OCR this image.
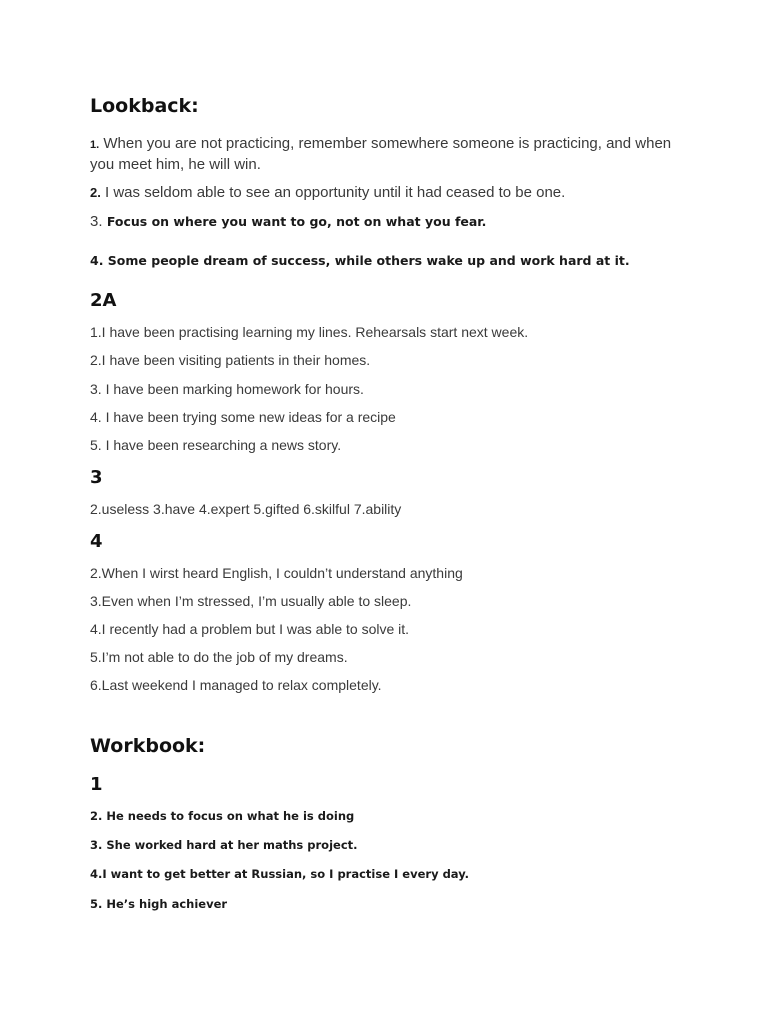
Lookback:

1. When you are not practicing, remember somewhere someone is practicing, and when you meet him, he will win.

2. I was seldom able to see an opportunity until it had ceased to be one.

3. Focus on where you want to go, not on what you fear.

4. Some people dream of success, while others wake up and work hard at it.

2A

1.I have been practising learning my lines. Rehearsals start next week.

2.I have been visiting patients in their homes.

3. I have been marking homework for hours.

4. I have been trying some new ideas for a recipe

5. I have been researching a news story.

3

2.useless 3.have 4.expert 5.gifted 6.skilful 7.ability

4

2.When I wirst heard English, I couldn’t understand anything

3.Even when I’m stressed, I’m usually able to sleep.

4.I recently had a problem but I was able to solve it.

5.I’m not able to do the job of my dreams.

6.Last weekend I managed to relax completely.

Workbook:
1

2. He needs to focus on what he is doing

3. She worked hard at her maths project.

4.I want to get better at Russian, so I practise I every day.

5. He’s high achiever
